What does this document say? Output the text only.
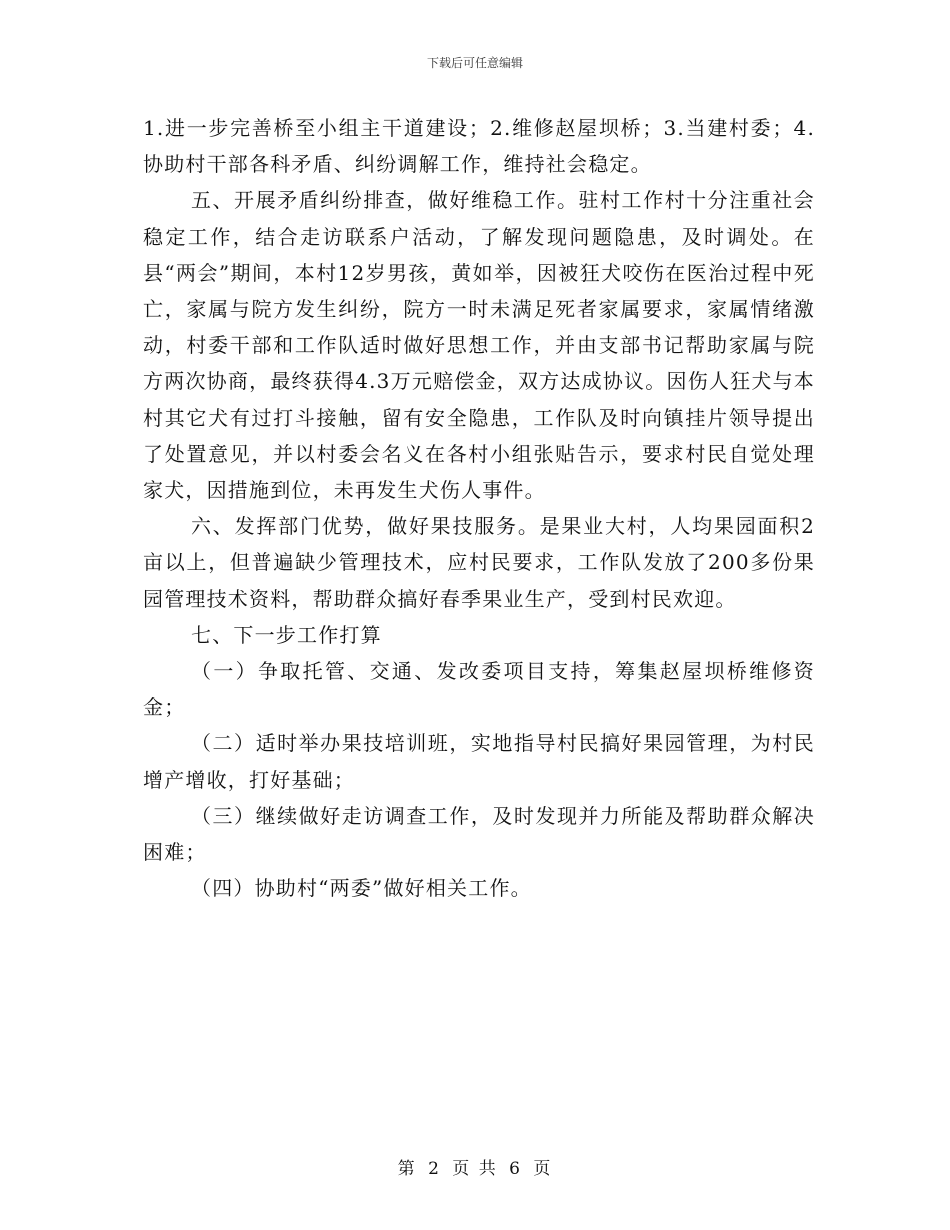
下载后可任意编辑

1.进一步完善桥至小组主干道建设；2.维修赵屋坝桥；3.当建村委；4.协助村干部各科矛盾、纠纷调解工作，维持社会稳定。

五、开展矛盾纠纷排查，做好维稳工作。驻村工作村十分注重社会稳定工作，结合走访联系户活动，了解发现问题隐患，及时调处。在县“两会”期间，本村12岁男孩，黄如举，因被狂犬咬伤在医治过程中死亡，家属与院方发生纠纷，院方一时未满足死者家属要求，家属情绪激动，村委干部和工作队适时做好思想工作，并由支部书记帮助家属与院方两次协商，最终获得4.3万元赔偿金，双方达成协议。因伤人狂犬与本村其它犬有过打斗接触，留有安全隐患，工作队及时向镇挂片领导提出了处置意见，并以村委会名义在各村小组张贴告示，要求村民自觉处理家犬，因措施到位，未再发生犬伤人事件。

六、发挥部门优势，做好果技服务。是果业大村，人均果园面积2亩以上，但普遍缺少管理技术，应村民要求，工作队发放了200多份果园管理技术资料，帮助群众搞好春季果业生产，受到村民欢迎。

七、下一步工作打算

（一）争取托管、交通、发改委项目支持，筹集赵屋坝桥维修资金；

（二）适时举办果技培训班，实地指导村民搞好果园管理，为村民增产增收，打好基础；

（三）继续做好走访调查工作，及时发现并力所能及帮助群众解决困难；

（四）协助村“两委”做好相关工作。

第 2 页 共 6 页
